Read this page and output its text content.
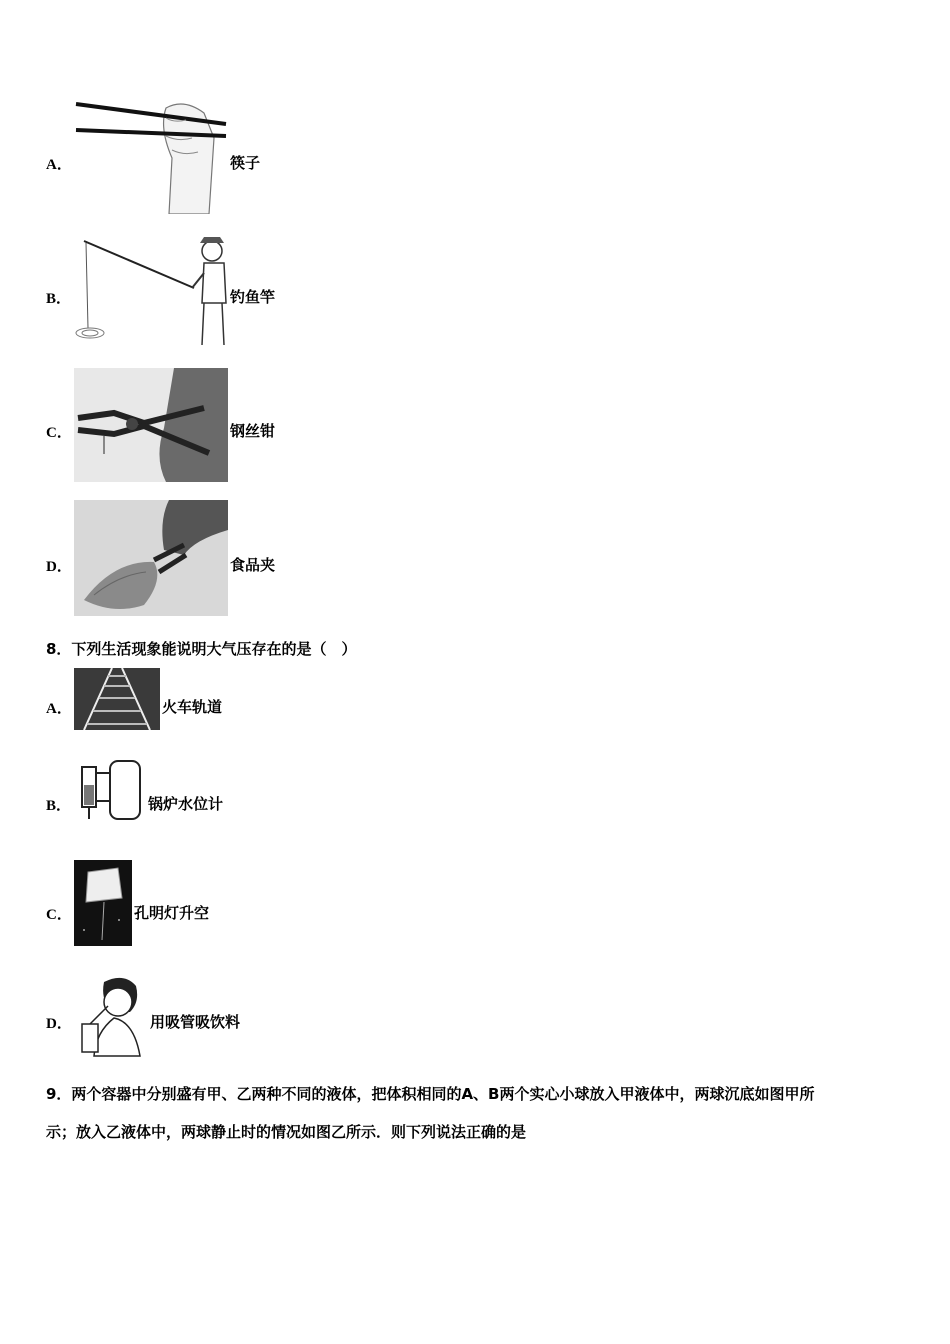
A．	筷子
B．	钓鱼竿
C．	钢丝钳
D．	食品夹
8．下列生活现象能说明大气压存在的是（　）
A．	火车轨道
B．	锅炉水位计
C．	孔明灯升空
D．	用吸管吸饮料
9．两个容器中分别盛有甲、乙两种不同的液体，把体积相同的A、B两个实心小球放入甲液体中，两球沉底如图甲所
示；放入乙液体中，两球静止时的情况如图乙所示．则下列说法正确的是
